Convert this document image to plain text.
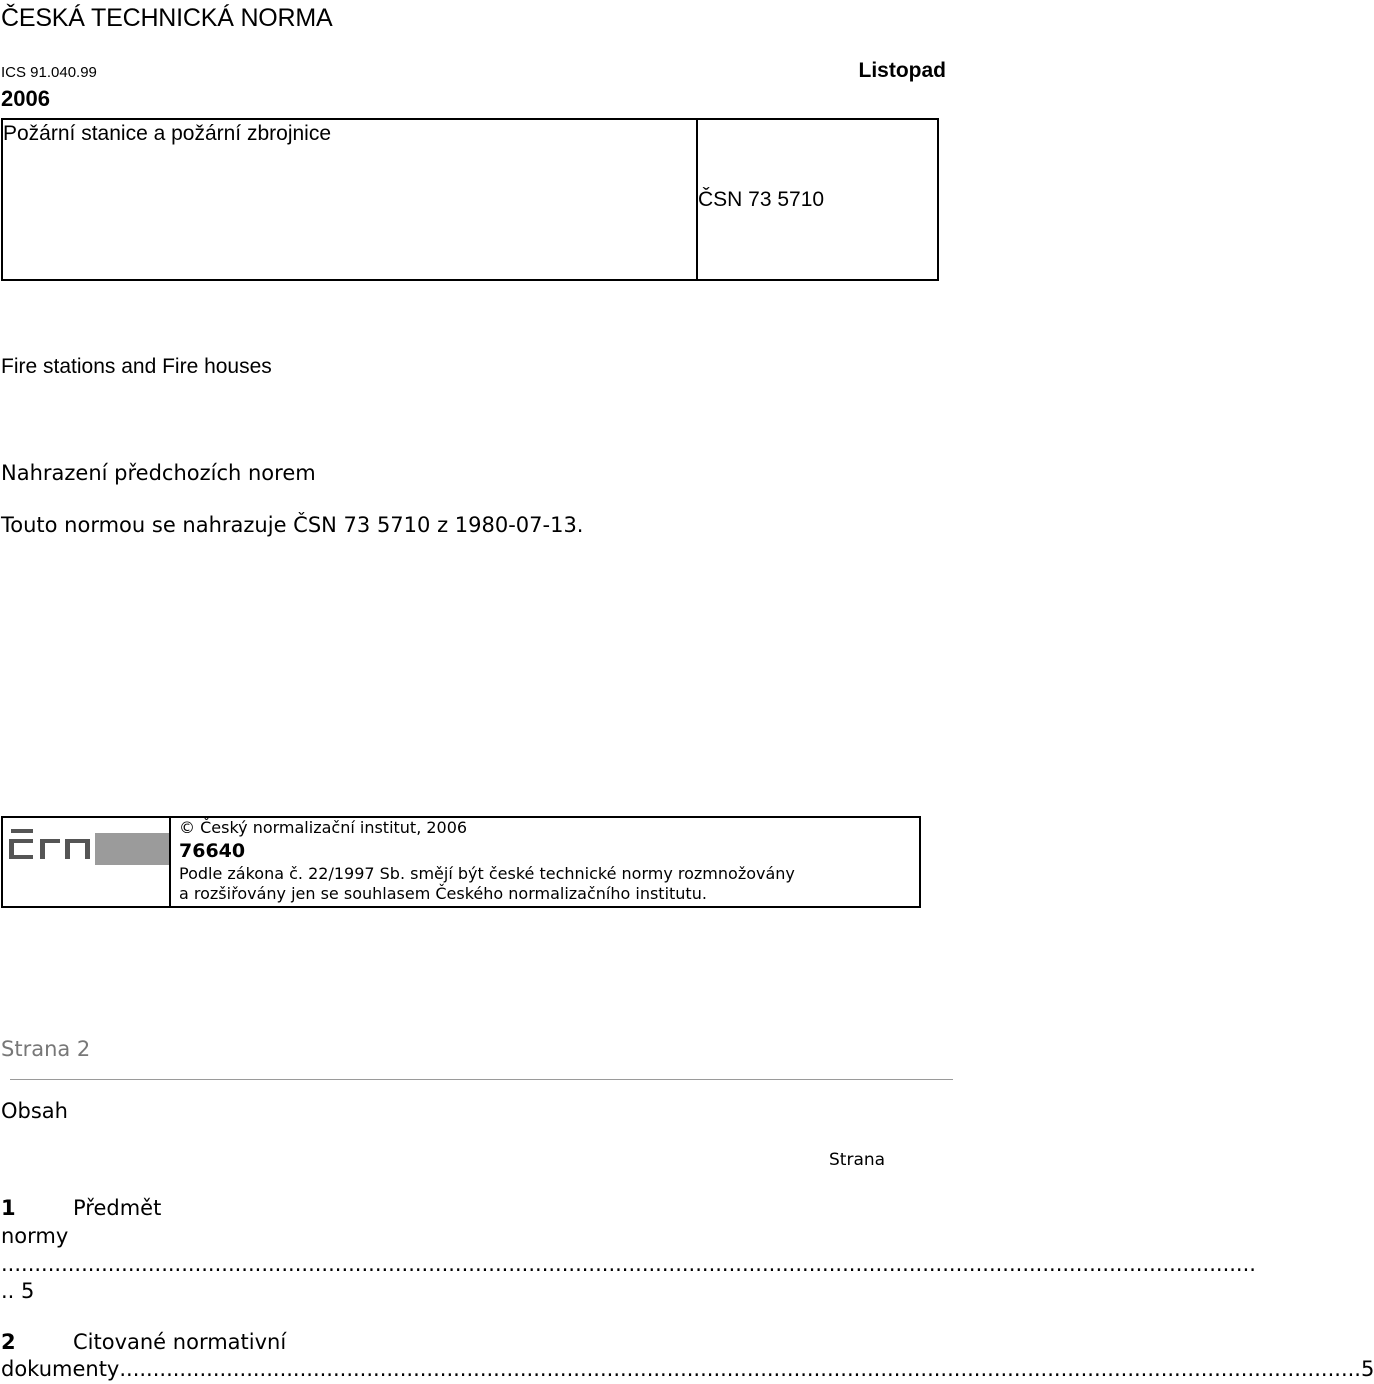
ČESKÁ TECHNICKÁ NORMA
ICS 91.040.99	Listopad
2006
Požární stanice a požární zbrojnice
ČSN 73 5710
Fire stations and Fire houses
Nahrazení předchozích norem
Touto normou se nahrazuje ČSN 73 5710 z 1980-07-13.
© Český normalizační institut, 2006
76640
Podle zákona č. 22/1997 Sb. smějí být české technické normy rozmnožovány
a rozšiřovány jen se souhlasem Českého normalizačního institutu.
Strana 2
Obsah
Strana
1	Předmět
normy
............................................................................................................................................................................................
.. 5
2	Citované normativní
dokumenty .......................................................................................................................................................................................... 5
